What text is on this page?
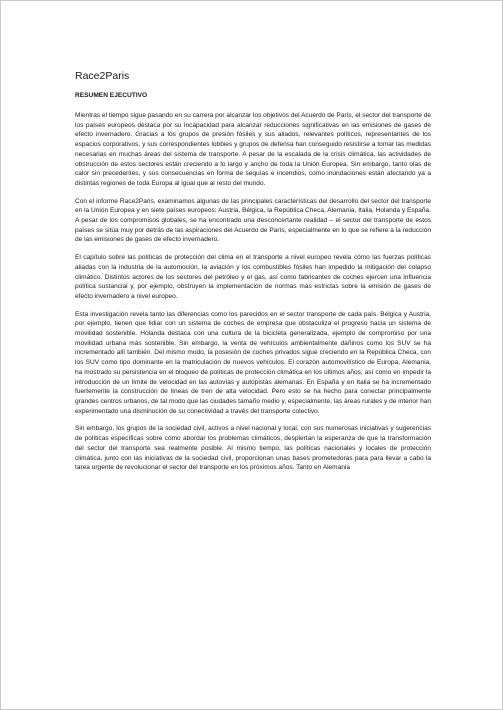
Race2Paris
RESUMEN EJECUTIVO

Mientras el tiempo sigue pasando en su carrera por alcanzar los objetivos del Acuerdo de París, el sector del transporte de los países europeos destaca por su incapacidad para alcanzar reducciones significativas en las emisiones de gases de efecto invernadero. Gracias a los grupos de presión fósiles y sus aliados, relevantes políticos, representantes de los espacios corporativos, y sus correspondientes lobbies y grupos de defensa han conseguido resistirse a tomar las medidas necesarias en muchas áreas del sistema de transporte. A pesar de la escalada de la crisis climática, las actividades de obstrucción de estos sectores están creciendo a lo largo y ancho de toda la Unión Europea. Sin embargo, tanto olas de calor sin precedentes, y sus consecuencias en forma de sequías e incendios, como inundaciones están afectando ya a distintas regiones de toda Europa al igual que al resto del mundo.

Con el informe Race2Paris, examinamos algunas de las principales características del desarrollo del sector del transporte en la Unión Europea y en siete países europeos: Austria, Bélgica, la República Checa, Alemania, Italia, Holanda y España. A pesar de los compromisos globales, se ha encontrado una desconcertante realidad – el sector del transporte de estos países se sitúa muy por detrás de las aspiraciones del Acuerdo de París, especialmente en lo que se refiere a la reducción de las emisiones de gases de efecto invernadero.

El capítulo sobre las políticas de protección del clima en el transporte a nivel europeo revela cómo las fuerzas políticas aliadas con la industria de la automoción, la aviación y los combustibles fósiles han impedido la mitigación del colapso climático. Distintos actores de los sectores del petróleo y el gas, así como fabricantes de coches ejercen una influencia política sustancial y, por ejemplo, obstruyen la implementación de normas más estrictas sobre la emisión de gases de efecto invernadero a nivel europeo.

Esta investigación revela tanto las diferencias como los parecidos en el sector transporte de cada país. Bélgica y Austria, por ejemplo, tienen que lidiar con un sistema de coches de empresa que obstaculiza el progreso hacia un sistema de movilidad sostenible. Holanda destaca con una cultura de la bicicleta generalizada, ejemplo de compromiso por una movilidad urbana más sostenible. Sin embargo, la venta de vehículos ambientalmente dañinos como los SUV se ha incrementado allí también. Del mismo modo, la posesión de coches privados sigue creciendo en la República Checa, con los SUV como tipo dominante en la matriculación de nuevos vehículos. El corazón automovilístico de Europa, Alemania, ha mostrado su persistencia en el bloqueo de políticas de protección climática en los últimos años, así como en impedir la introducción de un límite de velocidad en las autovías y autopistas alemanas. En España y en Italia se ha incrementado fuertemente la construcción de líneas de tren de alta velocidad. Pero esto se ha hecho para conectar principalmente grandes centros urbanos, de tal modo que las ciudades tamaño medio y, especialmente, las áreas rurales y de interior han experimentado una disminución de su conectividad a través del transporte colectivo.

Sin embargo, los grupos de la sociedad civil, activos a nivel nacional y local, con sus numerosas iniciativas y sugerencias de políticas específicas sobre cómo abordar los problemas climáticos, despiertan la esperanza de que la transformación del sector del transporte sea realmente posible. Al mismo tiempo, las políticas nacionales y locales de protección climática, junto con las iniciativas de la sociedad civil, proporcionan unas bases prometedoras para para llevar a cabo la tarea urgente de revolucionar el sector del transporte en los próximos años. Tanto en Alemania
